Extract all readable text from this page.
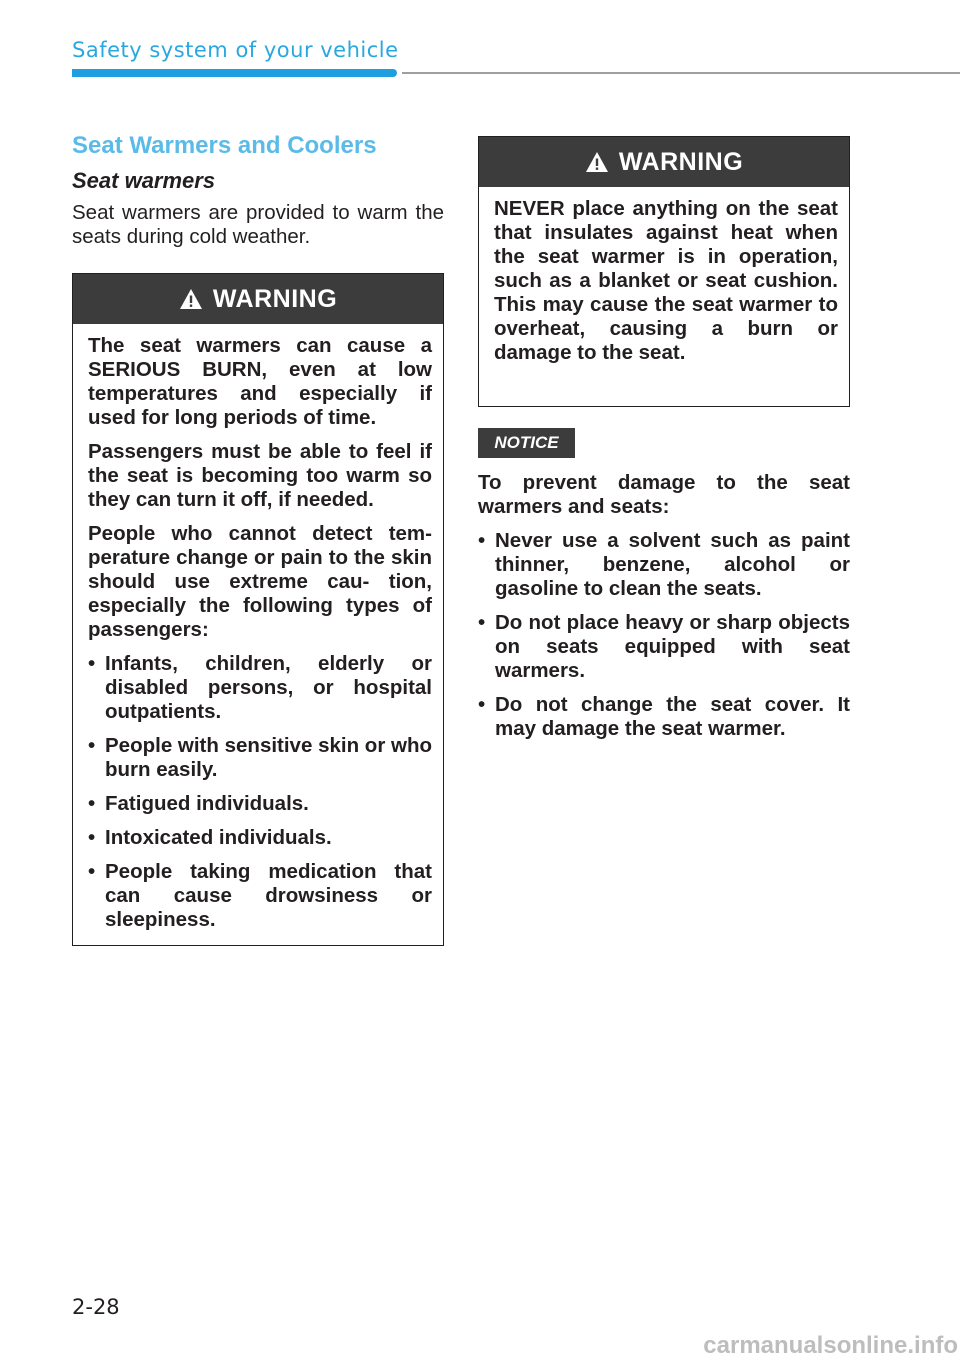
Safety system of your vehicle
Seat Warmers and Coolers
Seat warmers

Seat warmers are provided to warm the seats during cold weather.

WARNING

The seat warmers can cause a SERIOUS BURN, even at low temperatures and especially if used for long periods of time.

Passengers must be able to feel if the seat is becoming too warm so they can turn it off, if needed.

People who cannot detect tem- perature change or pain to the skin should use extreme cau- tion, especially the following types of passengers:

• Infants, children, elderly or disabled persons, or hospital outpatients.
• People with sensitive skin or who burn easily.
• Fatigued individuals.
• Intoxicated individuals.
• People taking medication that can cause drowsiness or sleepiness.
WARNING

NEVER place anything on the seat that insulates against heat when the seat warmer is in operation, such as a blanket or seat cushion. This may cause the seat warmer to overheat, causing a burn or damage to the seat.

NOTICE

To prevent damage to the seat warmers and seats:

• Never use a solvent such as paint thinner, benzene, alcohol or gasoline to clean the seats.
• Do not place heavy or sharp objects on seats equipped with seat warmers.
• Do not change the seat cover. It may damage the seat warmer.
2-28
carmanualsonline.info
